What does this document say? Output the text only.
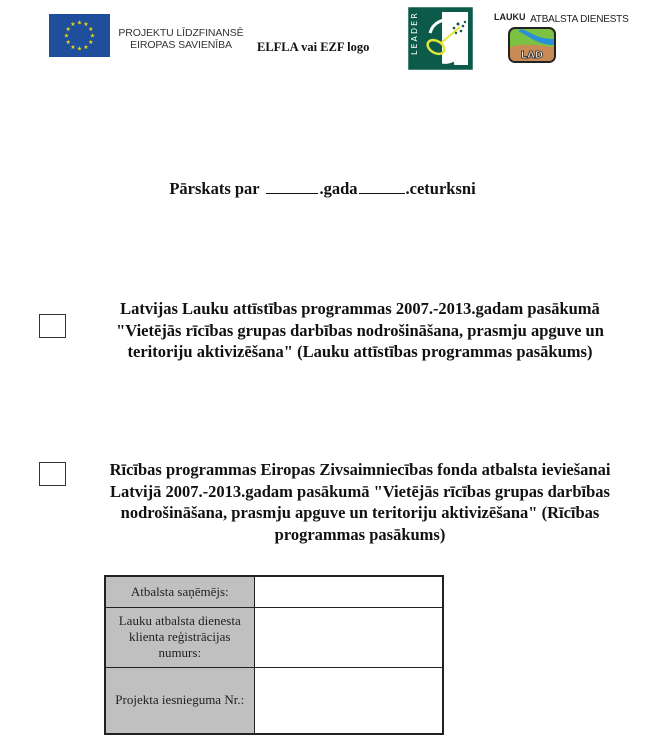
★ ★
★
★
★
★
★
★
★
★
★
★
PROJEKTU LĪDZFINANSĒ
EIROPAS SAVIENĪBA	ELFLA vai EZF logo	LEADER	LAUKU ATBALSTA DIENESTS
LAD
Pārskats par	.gada	.ceturksni
Latvijas Lauku attīstības programmas 2007.-2013.gadam pasākumā
"Vietējās rīcības grupas darbības nodrošināšana, prasmju apguve un
teritoriju aktivizēšana" (Lauku attīstības programmas pasākums)
Rīcības programmas Eiropas Zivsaimniecības fonda atbalsta ieviešanai
Latvijā 2007.-2013.gadam pasākumā "Vietējās rīcības grupas darbības
nodrošināšana, prasmju apguve un teritoriju aktivizēšana" (Rīcības
programmas pasākums)
Atbalsta saņēmējs:	

Lauku atbalsta dienesta
klienta reģistrācijas
numurs:	

Projekta iesnieguma Nr.:	
